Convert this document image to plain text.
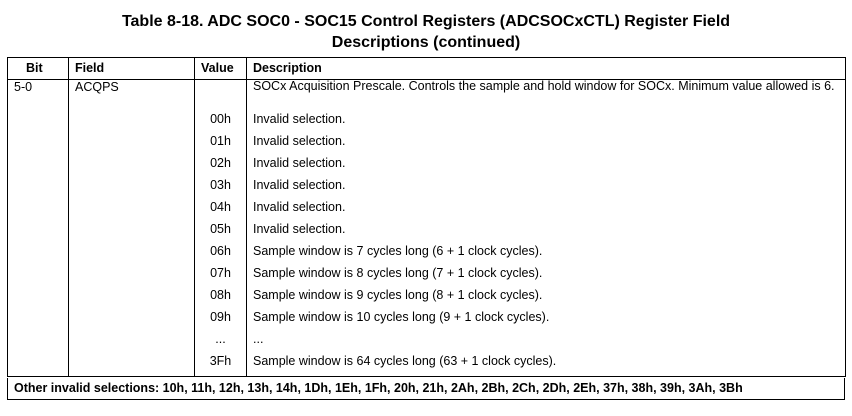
Table 8-18. ADC SOC0 - SOC15 Control Registers (ADCSOCxCTL) Register Field
Descriptions (continued)
Bit	Field	Value	Description
5-0	ACQPS		SOCx Acquisition Prescale. Controls the sample and hold window for SOCx. Minimum value allowed is 6.
		00h	Invalid selection.
		01h	Invalid selection.
		02h	Invalid selection.
		03h	Invalid selection.
		04h	Invalid selection.
		05h	Invalid selection.
		06h	Sample window is 7 cycles long (6 + 1 clock cycles).
		07h	Sample window is 8 cycles long (7 + 1 clock cycles).
		08h	Sample window is 9 cycles long (8 + 1 clock cycles).
		09h	Sample window is 10 cycles long (9 + 1 clock cycles).
		...	...
		3Fh	Sample window is 64 cycles long (63 + 1 clock cycles).
Other invalid selections: 10h, 11h, 12h, 13h, 14h, 1Dh, 1Eh, 1Fh, 20h, 21h, 2Ah, 2Bh, 2Ch, 2Dh, 2Eh, 37h, 38h, 39h, 3Ah, 3Bh
